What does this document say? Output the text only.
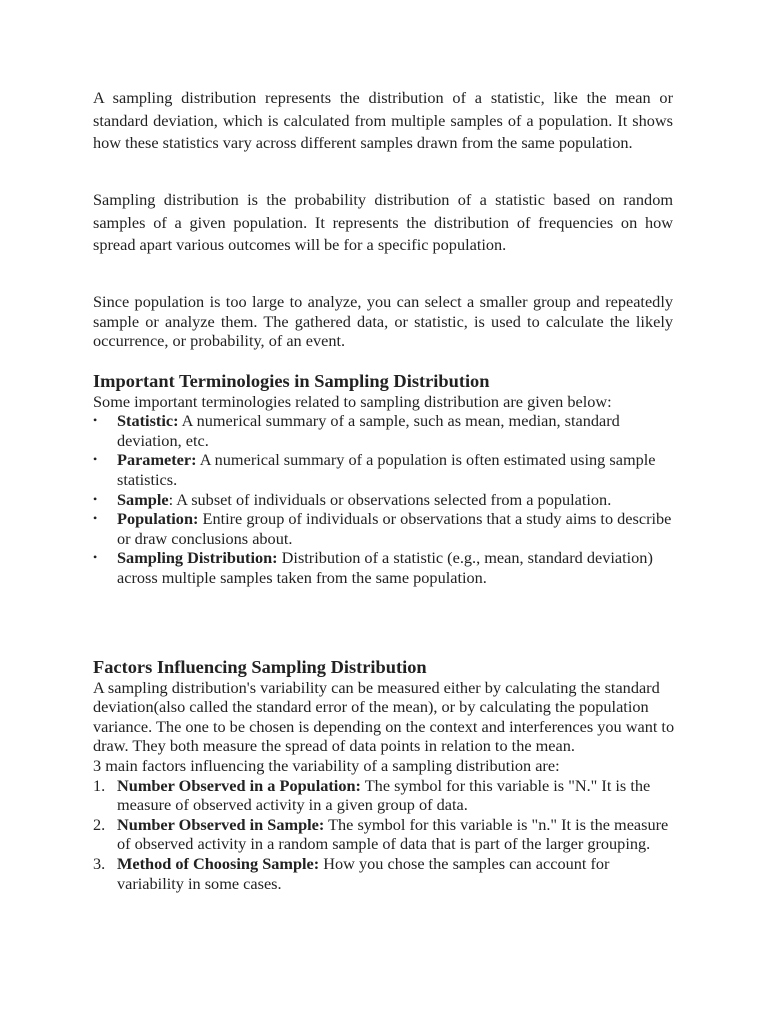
A sampling distribution represents the distribution of a statistic, like the mean or standard deviation, which is calculated from multiple samples of a population. It shows how these statistics vary across different samples drawn from the same population.

Sampling distribution is the probability distribution of a statistic based on random samples of a given population. It represents the distribution of frequencies on how spread apart various outcomes will be for a specific population.

Since population is too large to analyze, you can select a smaller group and repeatedly sample or analyze them. The gathered data, or statistic, is used to calculate the likely occurrence, or probability, of an event.

Important Terminologies in Sampling Distribution

Some important terminologies related to sampling distribution are given below:

•	Statistic: A numerical summary of a sample, such as mean, median, standard deviation, etc.
•	Parameter: A numerical summary of a population is often estimated using sample statistics.
•	Sample: A subset of individuals or observations selected from a population.
•	Population: Entire group of individuals or observations that a study aims to describe or draw conclusions about.
•	Sampling Distribution: Distribution of a statistic (e.g., mean, standard deviation) across multiple samples taken from the same population.
Factors Influencing Sampling Distribution

A sampling distribution's variability can be measured either by calculating the standard deviation(also called the standard error of the mean), or by calculating the population variance. The one to be chosen is depending on the context and interferences you want to draw. They both measure the spread of data points in relation to the mean.

3 main factors influencing the variability of a sampling distribution are:

1. Number Observed in a Population: The symbol for this variable is "N." It is the measure of observed activity in a given group of data.
2. Number Observed in Sample: The symbol for this variable is "n." It is the measure of observed activity in a random sample of data that is part of the larger grouping.
3. Method of Choosing Sample: How you chose the samples can account for variability in some cases.
